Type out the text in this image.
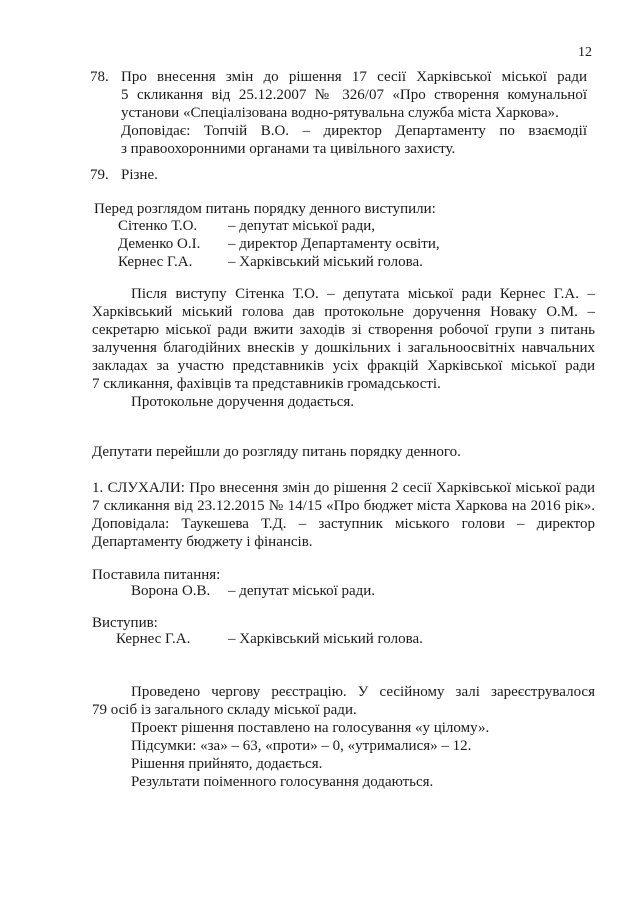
12
78. Про внесення змін до рішення 17 сесії Харківської міської ради
5 скликання від 25.12.2007 № 326/07 «Про створення комунальної
установи «Спеціалізована водно-рятувальна служба міста Харкова».
Доповідає: Топчій В.О. – директор Департаменту по взаємодії
з правоохоронними органами та цивільного захисту.
79. Різне.
Перед розглядом питань порядку денного виступили:
Сітенко Т.О. – депутат міської ради,
Деменко О.І. – директор Департаменту освіти,
Кернес Г.А. – Харківський міський голова.
Після виступу Сітенка Т.О. – депутата міської ради Кернес Г.А. –
Харківський міський голова дав протокольне доручення Новаку О.М. –
секретарю міської ради вжити заходів зі створення робочої групи з питань
залучення благодійних внесків у дошкільних і загальноосвітніх навчальних
закладах за участю представників усіх фракцій Харківської міської ради
7 скликання, фахівців та представників громадськості.
Протокольне доручення додається.
Депутати перейшли до розгляду питань порядку денного.
1. СЛУХАЛИ: Про внесення змін до рішення 2 сесії Харківської міської ради
7 скликання від 23.12.2015 № 14/15 «Про бюджет міста Харкова на 2016 рік».
Доповідала: Таукешева Т.Д. – заступник міського голови – директор
Департаменту бюджету і фінансів.
Поставила питання:
Ворона О.В. – депутат міської ради.
Виступив:
Кернес Г.А.	– Харківський міський голова.
Проведено чергову реєстрацію. У сесійному залі зареєструвалося
79 осіб із загального складу міської ради.
Проект рішення поставлено на голосування «у цілому».
Підсумки: «за» – 63, «проти» – 0, «утрималися» – 12.
Рішення прийнято, додається.
Результати поіменного голосування додаються.
